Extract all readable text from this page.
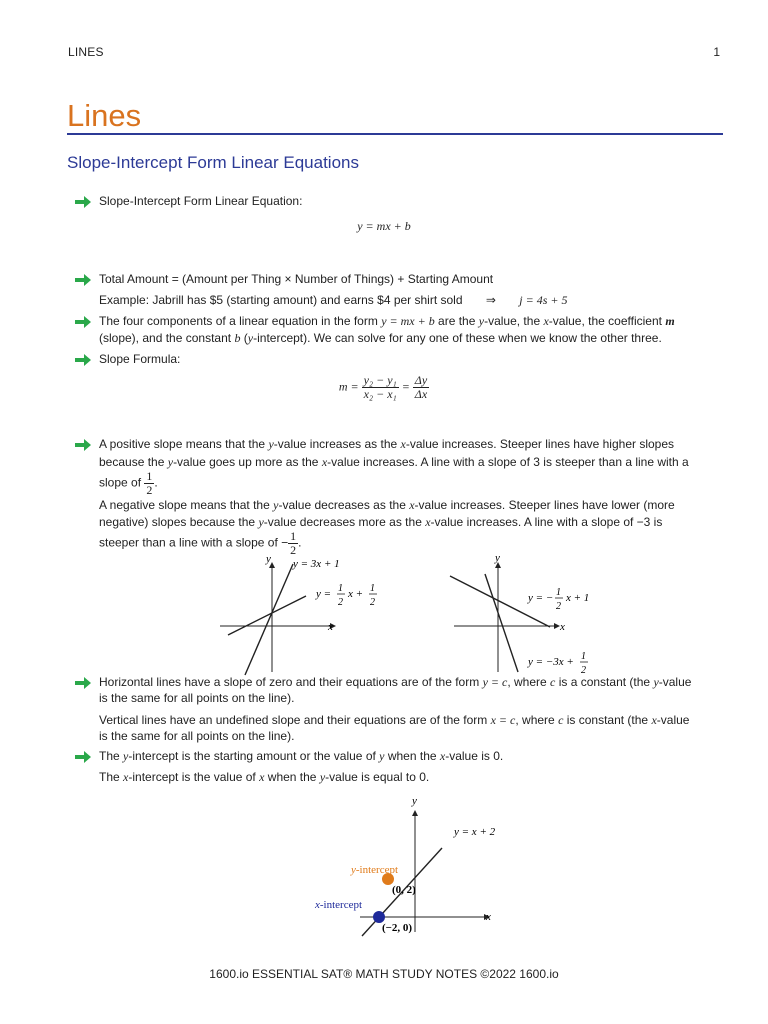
LINES	1
Lines
Slope-Intercept Form Linear Equations
Slope-Intercept Form Linear Equation:
y = mx + b
Total Amount = (Amount per Thing × Number of Things) + Starting Amount
Example: Jabrill has $5 (starting amount) and earns $4 per shirt sold ⇒ j = 4s + 5
The four components of a linear equation in the form y = mx + b are the y-value, the x-value, the coefficient m
(slope), and the constant b (y-intercept). We can solve for any one of these when we know the other three.
Slope Formula:
$m = \frac{\text{y₂ − y₁}}{\text{x₂ − x₁}} = \frac{\Delta y}{\Delta x}$
A positive slope means that the y-value increases as the x-value increases. Steeper lines have higher slopes
because the y-value goes up more as the x-value increases. A line with a slope of 3 is steeper than a line with a
slope of $\frac{1}{2}$ .
A negative slope means that the y-value decreases as the x-value increases. Steeper lines have lower (more
negative) slopes because the y-value decreases more as the x-value increases. A line with a slope of −3 is
steeper than a line with a slope of − $\frac{1}{2}$ .
y
x
y = 3x + 1
y = 1
2
x + 1
2
y
x
y = − 1
2
x + 1
y = −3x + 1
2
Horizontal lines have a slope of zero and their equations are of the form y = c, where c is a constant (the y-value
is the same for all points on the line).
Vertical lines have an undefined slope and their equations are of the form x = c, where c is constant (the x-value
is the same for all points on the line).
The y-intercept is the starting amount or the value of y when the x-value is 0.
The x-intercept is the value of x when the y-value is equal to 0.
y
x
y = x + 2
(0, 2)
(−2, 0)
y-intercept
x-intercept
1600.io ESSENTIAL SAT® MATH STUDY NOTES ©2022 1600.io
